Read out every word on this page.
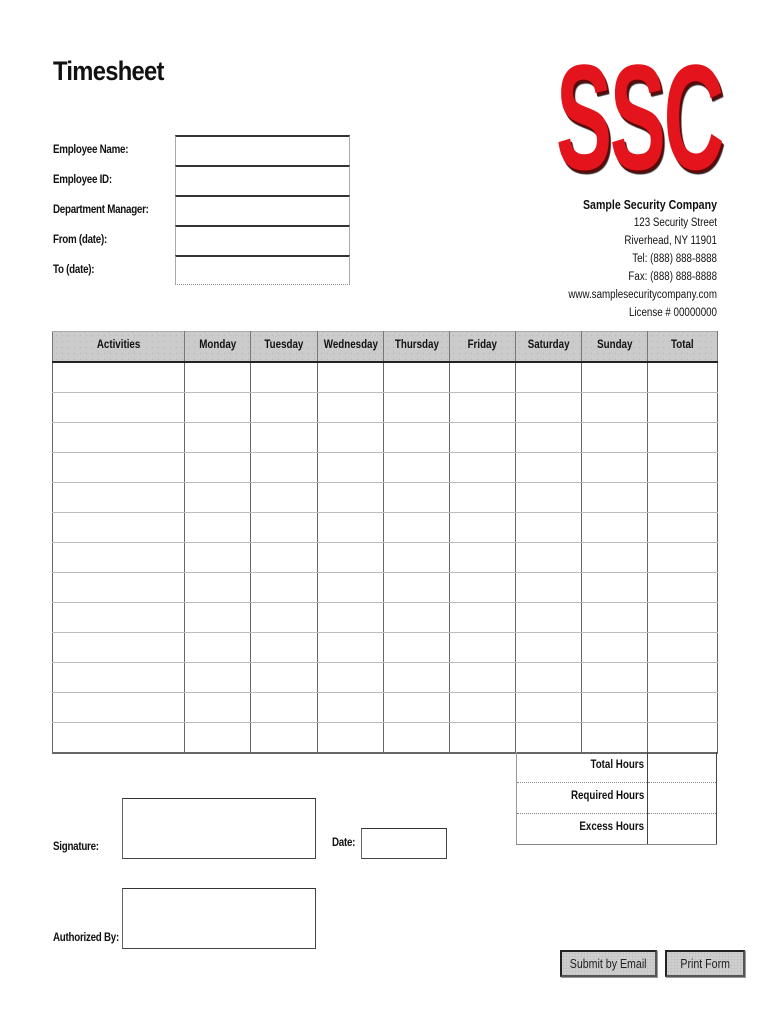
Timesheet
Employee Name:
Employee ID:
Department Manager:
From (date):
To (date):
SSC
Sample Security Company
123 Security Street
Riverhead, NY 11901
Tel: (888) 888-8888
Fax: (888) 888-8888
www.samplesecuritycompany.com
License # 00000000
Activities	Monday	Tuesday	Wednesday	Thursday	Friday	Saturday	Sunday	Total

Total Hours	
Required Hours	
Excess Hours	
Signature:	Date:
Authorized By:
Submit by Email	Print Form
